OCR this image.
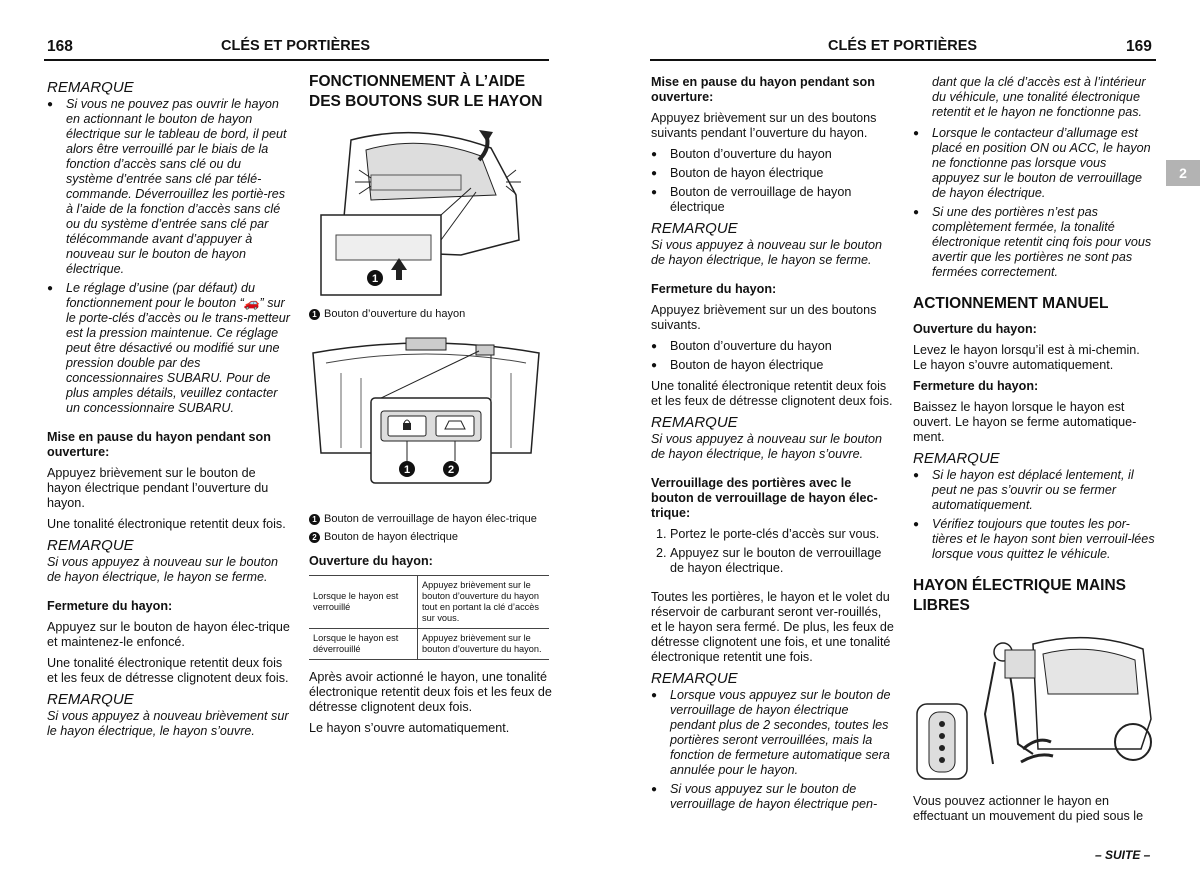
168	CLÉS ET PORTIÈRES
REMARQUE
● Si vous ne pouvez pas ouvrir le hayon en actionnant le bouton de hayon électrique sur le tableau de bord, il peut alors être verrouillé par le biais de la fonction d’accès sans clé ou du système d’entrée sans clé par télé-commande. Déverrouillez les portiè-res à l’aide de la fonction d’accès sans clé ou du système d’entrée sans clé par télécommande avant d’appuyer à nouveau sur le bouton de hayon électrique.
● Le réglage d’usine (par défaut) du fonctionnement pour le bouton “🚗” sur le porte-clés d’accès ou le trans-metteur est la pression maintenue. Ce réglage peut être désactivé ou modifié sur une pression double par des concessionnaires SUBARU. Pour de plus amples détails, veuillez contacter un concessionnaire SUBARU.

Mise en pause du hayon pendant son ouverture:

Appuyez brièvement sur le bouton de hayon électrique pendant l’ouverture du hayon.

Une tonalité électronique retentit deux fois.

REMARQUE

Si vous appuyez à nouveau sur le bouton de hayon électrique, le hayon se ferme.

Fermeture du hayon:

Appuyez sur le bouton de hayon élec-trique et maintenez-le enfoncé.

Une tonalité électronique retentit deux fois et les feux de détresse clignotent deux fois.

REMARQUE

Si vous appuyez à nouveau brièvement sur le hayon électrique, le hayon s’ouvre.

FONCTIONNEMENT À L’AIDE DES BOUTONS SUR LE HAYON
1
1 Bouton d’ouverture du hayon
1	2
1 Bouton de verrouillage de hayon élec-trique
2 Bouton de hayon électrique

Ouverture du hayon:

Lorsque le hayon est verrouillé	Appuyez brièvement sur le bouton d’ouverture du hayon tout en portant la clé d’accès sur vous.
Lorsque le hayon est déverrouillé	Appuyez brièvement sur le bouton d’ouverture du hayon.

Après avoir actionné le hayon, une tonalité électronique retentit deux fois et les feux de détresse clignotent deux fois.

Le hayon s’ouvre automatiquement.

CLÉS ET PORTIÈRES	169
2

Mise en pause du hayon pendant son ouverture:

Appuyez brièvement sur un des boutons suivants pendant l’ouverture du hayon.

● Bouton d’ouverture du hayon
● Bouton de hayon électrique
● Bouton de verrouillage de hayon électrique
REMARQUE

Si vous appuyez à nouveau sur le bouton de hayon électrique, le hayon se ferme.

Fermeture du hayon:

Appuyez brièvement sur un des boutons suivants.

● Bouton d’ouverture du hayon
● Bouton de hayon électrique

Une tonalité électronique retentit deux fois et les feux de détresse clignotent deux fois.

REMARQUE

Si vous appuyez à nouveau sur le bouton de hayon électrique, le hayon s’ouvre.

Verrouillage des portières avec le bouton de verrouillage de hayon élec-trique:

1. Portez le porte-clés d’accès sur vous.
2. Appuyez sur le bouton de verrouillage de hayon électrique.

Toutes les portières, le hayon et le volet du réservoir de carburant seront ver-rouillés, et le hayon sera fermé. De plus, les feux de détresse clignotent une fois, et une tonalité électronique retentit une fois.

REMARQUE
● Lorsque vous appuyez sur le bouton de verrouillage de hayon électrique pendant plus de 2 secondes, toutes les portières seront verrouillées, mais la fonction de fermeture automatique sera annulée pour le hayon.
● Si vous appuyez sur le bouton de verrouillage de hayon électrique pen-

dant que la clé d’accès est à l’intérieur du véhicule, une tonalité électronique retentit et le hayon ne fonctionne pas.

● Lorsque le contacteur d’allumage est placé en position ON ou ACC, le hayon ne fonctionne pas lorsque vous appuyez sur le bouton de verrouillage de hayon électrique.
● Si une des portières n’est pas complètement fermée, la tonalité électronique retentit cinq fois pour vous avertir que les portières ne sont pas fermées correctement.
ACTIONNEMENT MANUEL

Ouverture du hayon:

Levez le hayon lorsqu’il est à mi-chemin. Le hayon s’ouvre automatiquement.

Fermeture du hayon:

Baissez le hayon lorsque le hayon est ouvert. Le hayon se ferme automatique-ment.

REMARQUE
● Si le hayon est déplacé lentement, il peut ne pas s’ouvrir ou se fermer automatiquement.
● Vérifiez toujours que toutes les por-tières et le hayon sont bien verrouil-lées lorsque vous quittez le véhicule.
HAYON ÉLECTRIQUE MAINS LIBRES

Vous pouvez actionner le hayon en effectuant un mouvement du pied sous le

– SUITE –
